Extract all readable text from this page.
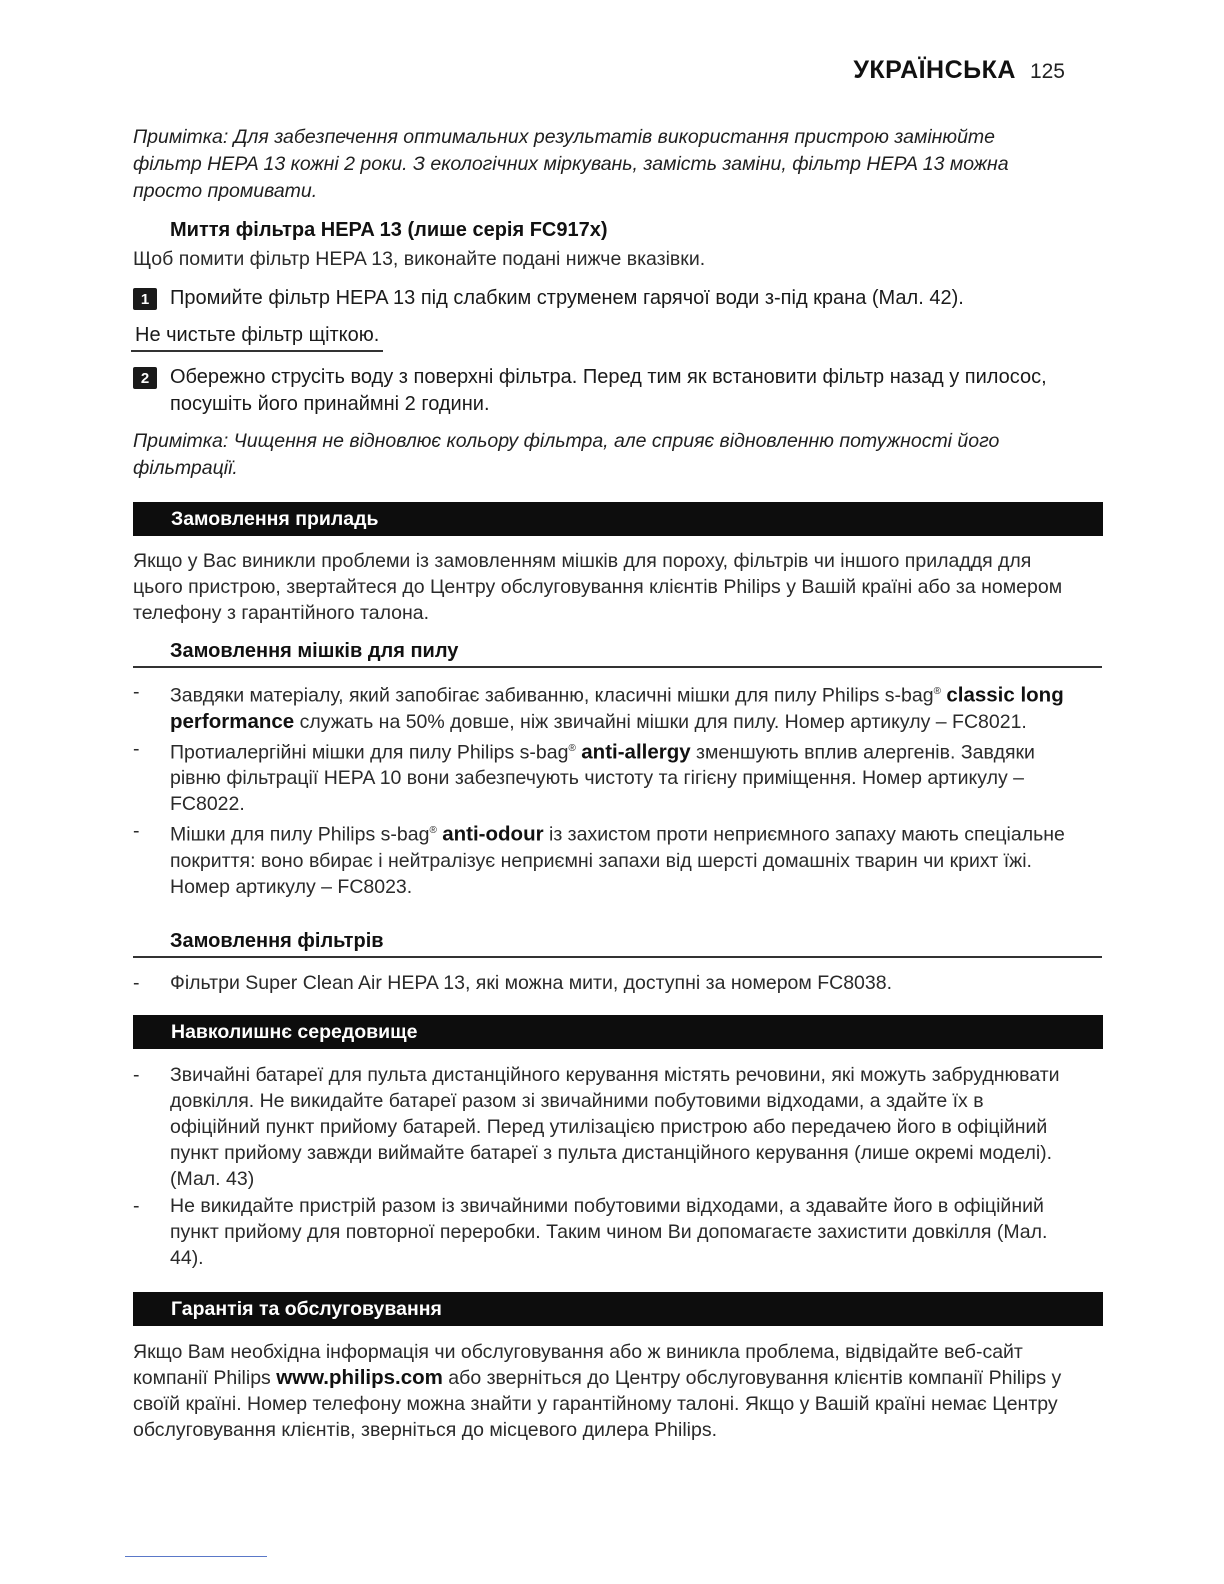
УКРАЇНСЬКА 125
Примітка: Для забезпечення оптимальних результатів використання пристрою замінюйте фільтр HEPA 13 кожні 2 роки. З екологічних міркувань, замість заміни, фільтр HEPA 13 можна просто промивати.
Миття фільтра HEPA 13 (лише серія FC917x)
Щоб помити фільтр HEPA 13, виконайте подані нижче вказівки.
1	Промийте фільтр HEPA 13 під слабким струменем гарячої води з-під крана (Мал. 42).
Не чистьте фільтр щіткою.
2	Обережно струсіть воду з поверхні фільтра. Перед тим як встановити фільтр назад у пилосос, посушіть його принаймні 2 години.
Примітка: Чищення не відновлює кольору фільтра, але сприяє відновленню потужності його фільтрації.
Замовлення приладь
Якщо у Вас виникли проблеми із замовленням мішків для пороху, фільтрів чи іншого приладдя для цього пристрою, звертайтеся до Центру обслуговування клієнтів Philips у Вашій країні або за номером телефону з гарантійного талона.
Замовлення мішків для пилу
- Завдяки матеріалу, який запобігає забиванню, класичні мішки для пилу Philips s-bag® classic long performance служать на 50% довше, ніж звичайні мішки для пилу. Номер артикулу – FC8021.
- Протиалергійні мішки для пилу Philips s-bag® anti-allergy зменшують вплив алергенів. Завдяки рівню фільтрації HEPA 10 вони забезпечують чистоту та гігієну приміщення. Номер артикулу – FC8022.
- Мішки для пилу Philips s-bag® anti-odour із захистом проти неприємного запаху мають спеціальне покриття: воно вбирає і нейтралізує неприємні запахи від шерсті домашніх тварин чи крихт їжі. Номер артикулу – FC8023.
Замовлення фільтрів
- Фільтри Super Clean Air HEPA 13, які можна мити, доступні за номером FC8038.
Навколишнє середовище
- Звичайні батареї для пульта дистанційного керування містять речовини, які можуть забруднювати довкілля. Не викидайте батареї разом зі звичайними побутовими відходами, а здайте їх в офіційний пункт прийому батарей. Перед утилізацією пристрою або передачею його в офіційний пункт прийому завжди виймайте батареї з пульта дистанційного керування (лише окремі моделі). (Мал. 43)
- Не викидайте пристрій разом із звичайними побутовими відходами, а здавайте його в офіційний пункт прийому для повторної переробки. Таким чином Ви допомагаєте захистити довкілля (Мал. 44).
Гарантія та обслуговування
Якщо Вам необхідна інформація чи обслуговування або ж виникла проблема, відвідайте веб-сайт компанії Philips www.philips.com або зверніться до Центру обслуговування клієнтів компанії Philips у своїй країні. Номер телефону можна знайти у гарантійному талоні. Якщо у Вашій країні немає Центру обслуговування клієнтів, зверніться до місцевого дилера Philips.
